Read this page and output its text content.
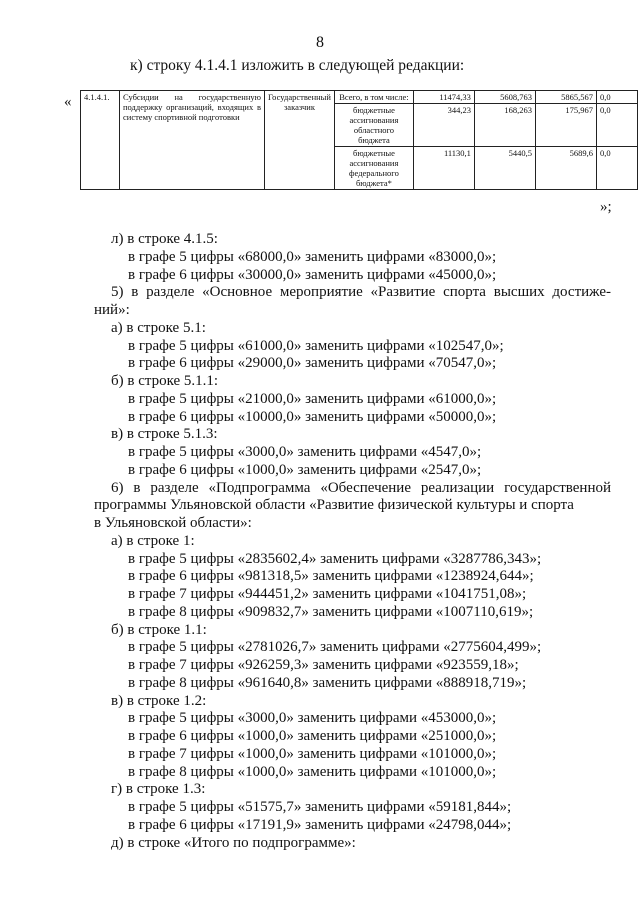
8
к) строку 4.1.4.1 изложить в следующей редакции:
« 4.1.4.1.	Субсидии на государственную поддержку организаций, входящих в систему спортивной подготовки	Государственный заказчик	Всего, в том числе:	11474,33	5608,763	5865,567	0,0
			бюджетные ассигнования областного бюджета	344,23	168,263	175,967	0,0
			бюджетные ассигнования федерального бюджета*	11130,1	5440,5	5689,6	0,0
»;
л) в строке 4.1.5:
в графе 5 цифры «68000,0» заменить цифрами «83000,0»;
в графе 6 цифры «30000,0» заменить цифрами «45000,0»;
5) в разделе «Основное мероприятие «Развитие спорта высших достиже-
ний»:
а) в строке 5.1:
в графе 5 цифры «61000,0» заменить цифрами «102547,0»;
в графе 6 цифры «29000,0» заменить цифрами «70547,0»;
б) в строке 5.1.1:
в графе 5 цифры «21000,0» заменить цифрами «61000,0»;
в графе 6 цифры «10000,0» заменить цифрами «50000,0»;
в) в строке 5.1.3:
в графе 5 цифры «3000,0» заменить цифрами «4547,0»;
в графе 6 цифры «1000,0» заменить цифрами «2547,0»;
6) в разделе «Подпрограмма «Обеспечение реализации государственной
программы Ульяновской области «Развитие физической культуры и спорта
в Ульяновской области»:
а) в строке 1:
в графе 5 цифры «2835602,4» заменить цифрами «3287786,343»;
в графе 6 цифры «981318,5» заменить цифрами «1238924,644»;
в графе 7 цифры «944451,2» заменить цифрами «1041751,08»;
в графе 8 цифры «909832,7» заменить цифрами «1007110,619»;
б) в строке 1.1:
в графе 5 цифры «2781026,7» заменить цифрами «2775604,499»;
в графе 7 цифры «926259,3» заменить цифрами «923559,18»;
в графе 8 цифры «961640,8» заменить цифрами «888918,719»;
в) в строке 1.2:
в графе 5 цифры «3000,0» заменить цифрами «453000,0»;
в графе 6 цифры «1000,0» заменить цифрами «251000,0»;
в графе 7 цифры «1000,0» заменить цифрами «101000,0»;
в графе 8 цифры «1000,0» заменить цифрами «101000,0»;
г) в строке 1.3:
в графе 5 цифры «51575,7» заменить цифрами «59181,844»;
в графе 6 цифры «17191,9» заменить цифрами «24798,044»;
д) в строке «Итого по подпрограмме»:
